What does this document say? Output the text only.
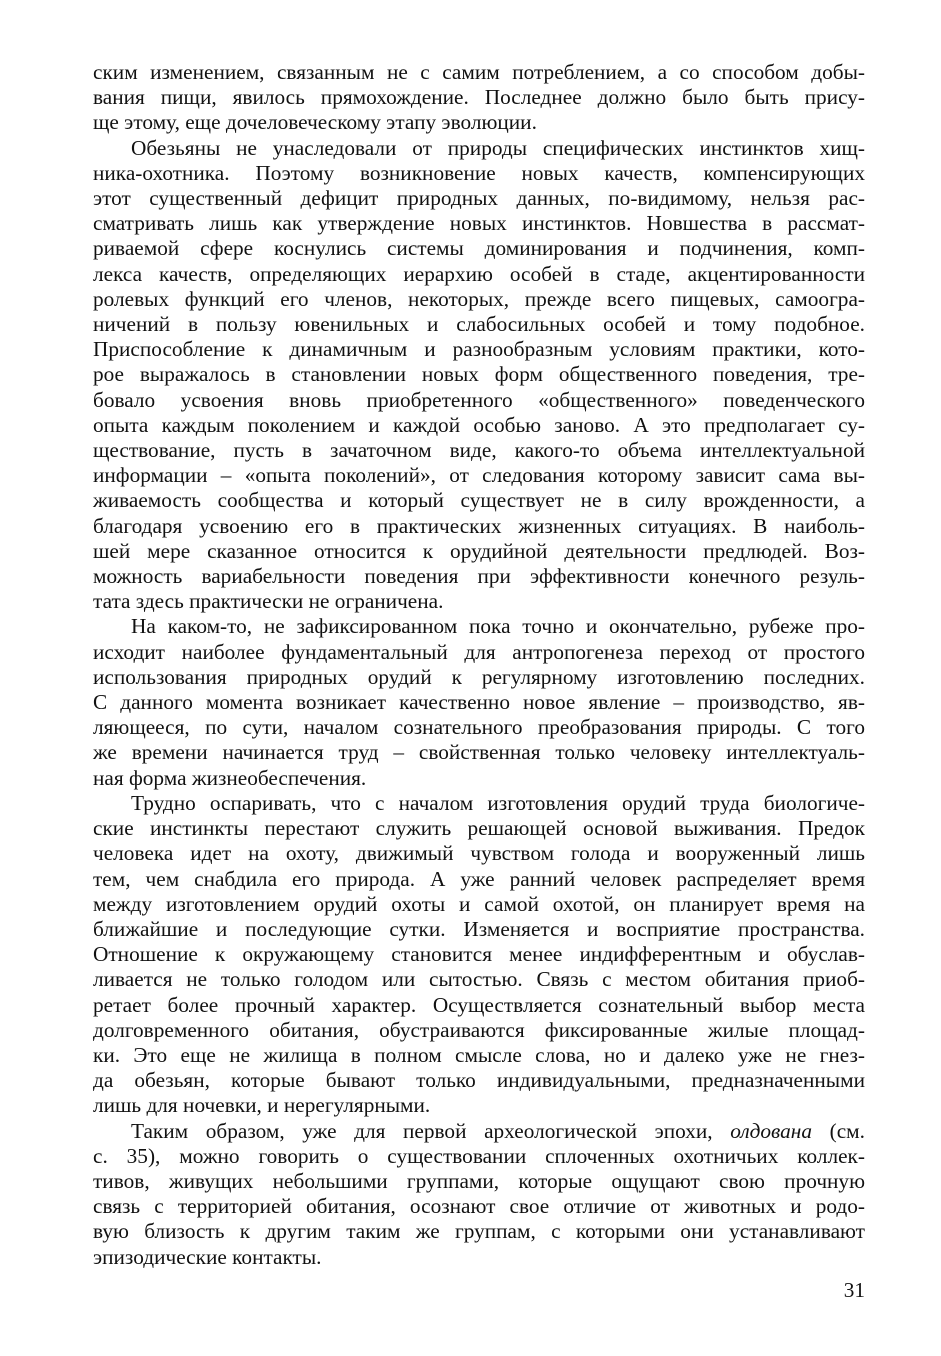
ским изменением, связанным не с самим потреблением, а со способом добы-
вания пищи, явилось прямохождение. Последнее должно было быть прису-
ще этому, еще дочеловеческому этапу эволюции.

Обезьяны не унаследовали от природы специфических инстинктов хищ-
ника-охотника. Поэтому возникновение новых качеств, компенсирующих
этот существенный дефицит природных данных, по-видимому, нельзя рас-
сматривать лишь как утверждение новых инстинктов. Новшества в рассмат-
риваемой сфере коснулись системы доминирования и подчинения, комп-
лекса качеств, определяющих иерархию особей в стаде, акцентированности
ролевых функций его членов, некоторых, прежде всего пищевых, самоогра-
ничений в пользу ювенильных и слабосильных особей и тому подобное.
Приспособление к динамичным и разнообразным условиям практики, кото-
рое выражалось в становлении новых форм общественного поведения, тре-
бовало усвоения вновь приобретенного «общественного» поведенческого
опыта каждым поколением и каждой особью заново. А это предполагает су-
ществование, пусть в зачаточном виде, какого-то объема интеллектуальной
информации – «опыта поколений», от следования которому зависит сама вы-
живаемость сообщества и который существует не в силу врожденности, а
благодаря усвоению его в практических жизненных ситуациях. В наиболь-
шей мере сказанное относится к орудийной деятельности предлюдей. Воз-
можность вариабельности поведения при эффективности конечного резуль-
тата здесь практически не ограничена.

На каком-то, не зафиксированном пока точно и окончательно, рубеже про-
исходит наиболее фундаментальный для антропогенеза переход от простого
использования природных орудий к регулярному изготовлению последних.
С данного момента возникает качественно новое явление – производство, яв-
ляющееся, по сути, началом сознательного преобразования природы. С того
же времени начинается труд – свойственная только человеку интеллектуаль-
ная форма жизнеобеспечения.

Трудно оспаривать, что с началом изготовления орудий труда биологиче-
ские инстинкты перестают служить решающей основой выживания. Предок
человека идет на охоту, движимый чувством голода и вооруженный лишь
тем, чем снабдила его природа. А уже ранний человек распределяет время
между изготовлением орудий охоты и самой охотой, он планирует время на
ближайшие и последующие сутки. Изменяется и восприятие пространства.
Отношение к окружающему становится менее индифферентным и обуслав-
ливается не только голодом или сытостью. Связь с местом обитания приоб-
ретает более прочный характер. Осуществляется сознательный выбор места
долговременного обитания, обустраиваются фиксированные жилые площад-
ки. Это еще не жилища в полном смысле слова, но и далеко уже не гнез-
да обезьян, которые бывают только индивидуальными, предназначенными
лишь для ночевки, и нерегулярными.

Таким образом, уже для первой археологической эпохи, олдована (см.
с. 35), можно говорить о существовании сплоченных охотничьих коллек-
тивов, живущих небольшими группами, которые ощущают свою прочную
связь с территорией обитания, осознают свое отличие от животных и родо-
вую близость к другим таким же группам, с которыми они устанавливают
эпизодические контакты.

31
